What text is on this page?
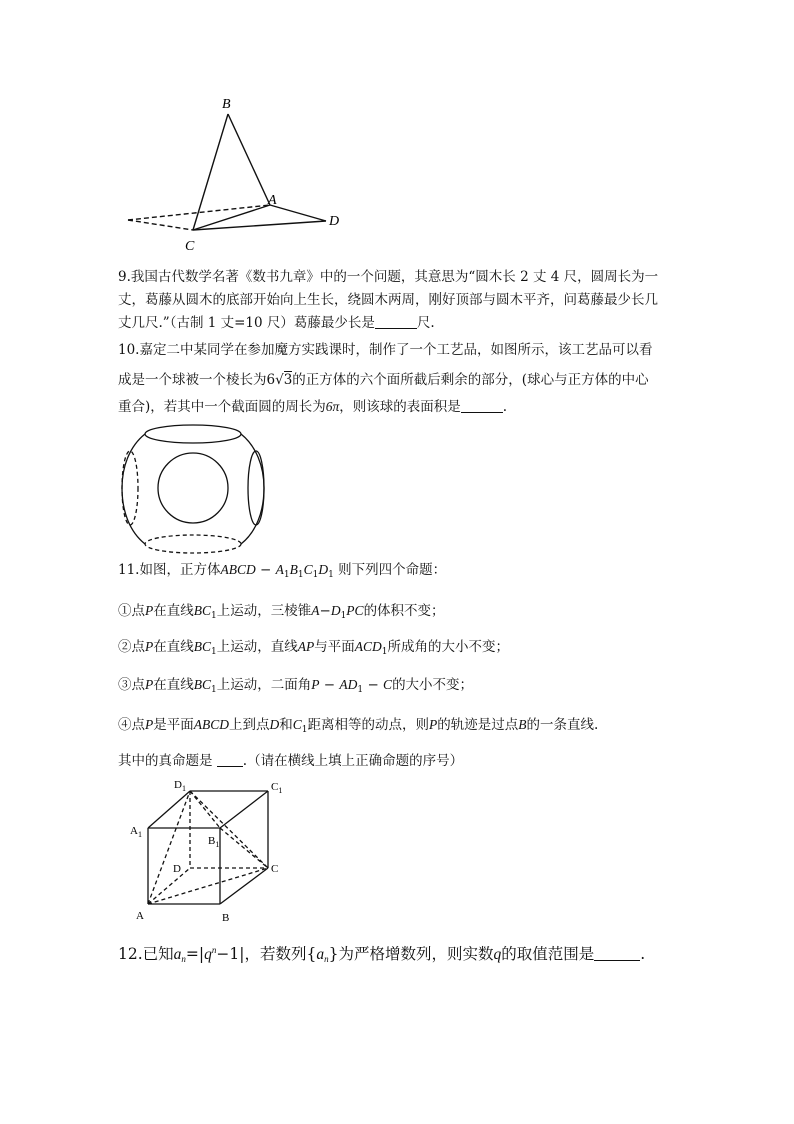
B
A
C
D
9.我国古代数学名著《数书九章》中的一个问题，其意思为“圆木长 2 丈 4 尺，圆周长为一
丈，葛藤从圆木的底部开始向上生长，绕圆木两周，刚好顶部与圆木平齐，问葛藤最少长几
丈几尺.”（古制 1 丈=10 尺）葛藤最少长是	尺.
10.嘉定二中某同学在参加魔方实践课时，制作了一个工艺品，如图所示，该工艺品可以看
成是一个球被一个棱长为6√3的正方体的六个面所截后剩余的部分，(球心与正方体的中心
重合)，若其中一个截面圆的周长为6π，则该球的表面积是	.
11.如图，正方体ABCD − $A_1B_1C_1D_1$ 则下列四个命题：
①点P在直线$BC_1$上运动，三棱锥$A-D_1PC$的体积不变；
②点P在直线$BC_1$上运动，直线AP与平面$ACD_1$所成角的大小不变；
③点P在直线$BC_1$上运动，二面角$P - AD_1 - C$的大小不变；
④点P是平面ABCD上到点D和$C_1$距离相等的动点，则P的轨迹是过点B的一条直线.
其中的真命题是 .（请在横线上填上正确命题的序号）
$D_1$	$C_1$
$A_1$
$B_1$
D	C
A	B
12.已知$a_n=|q^n-1|$，若数列$\{a_n\}$为严格增数列，则实数q的取值范围是	.
